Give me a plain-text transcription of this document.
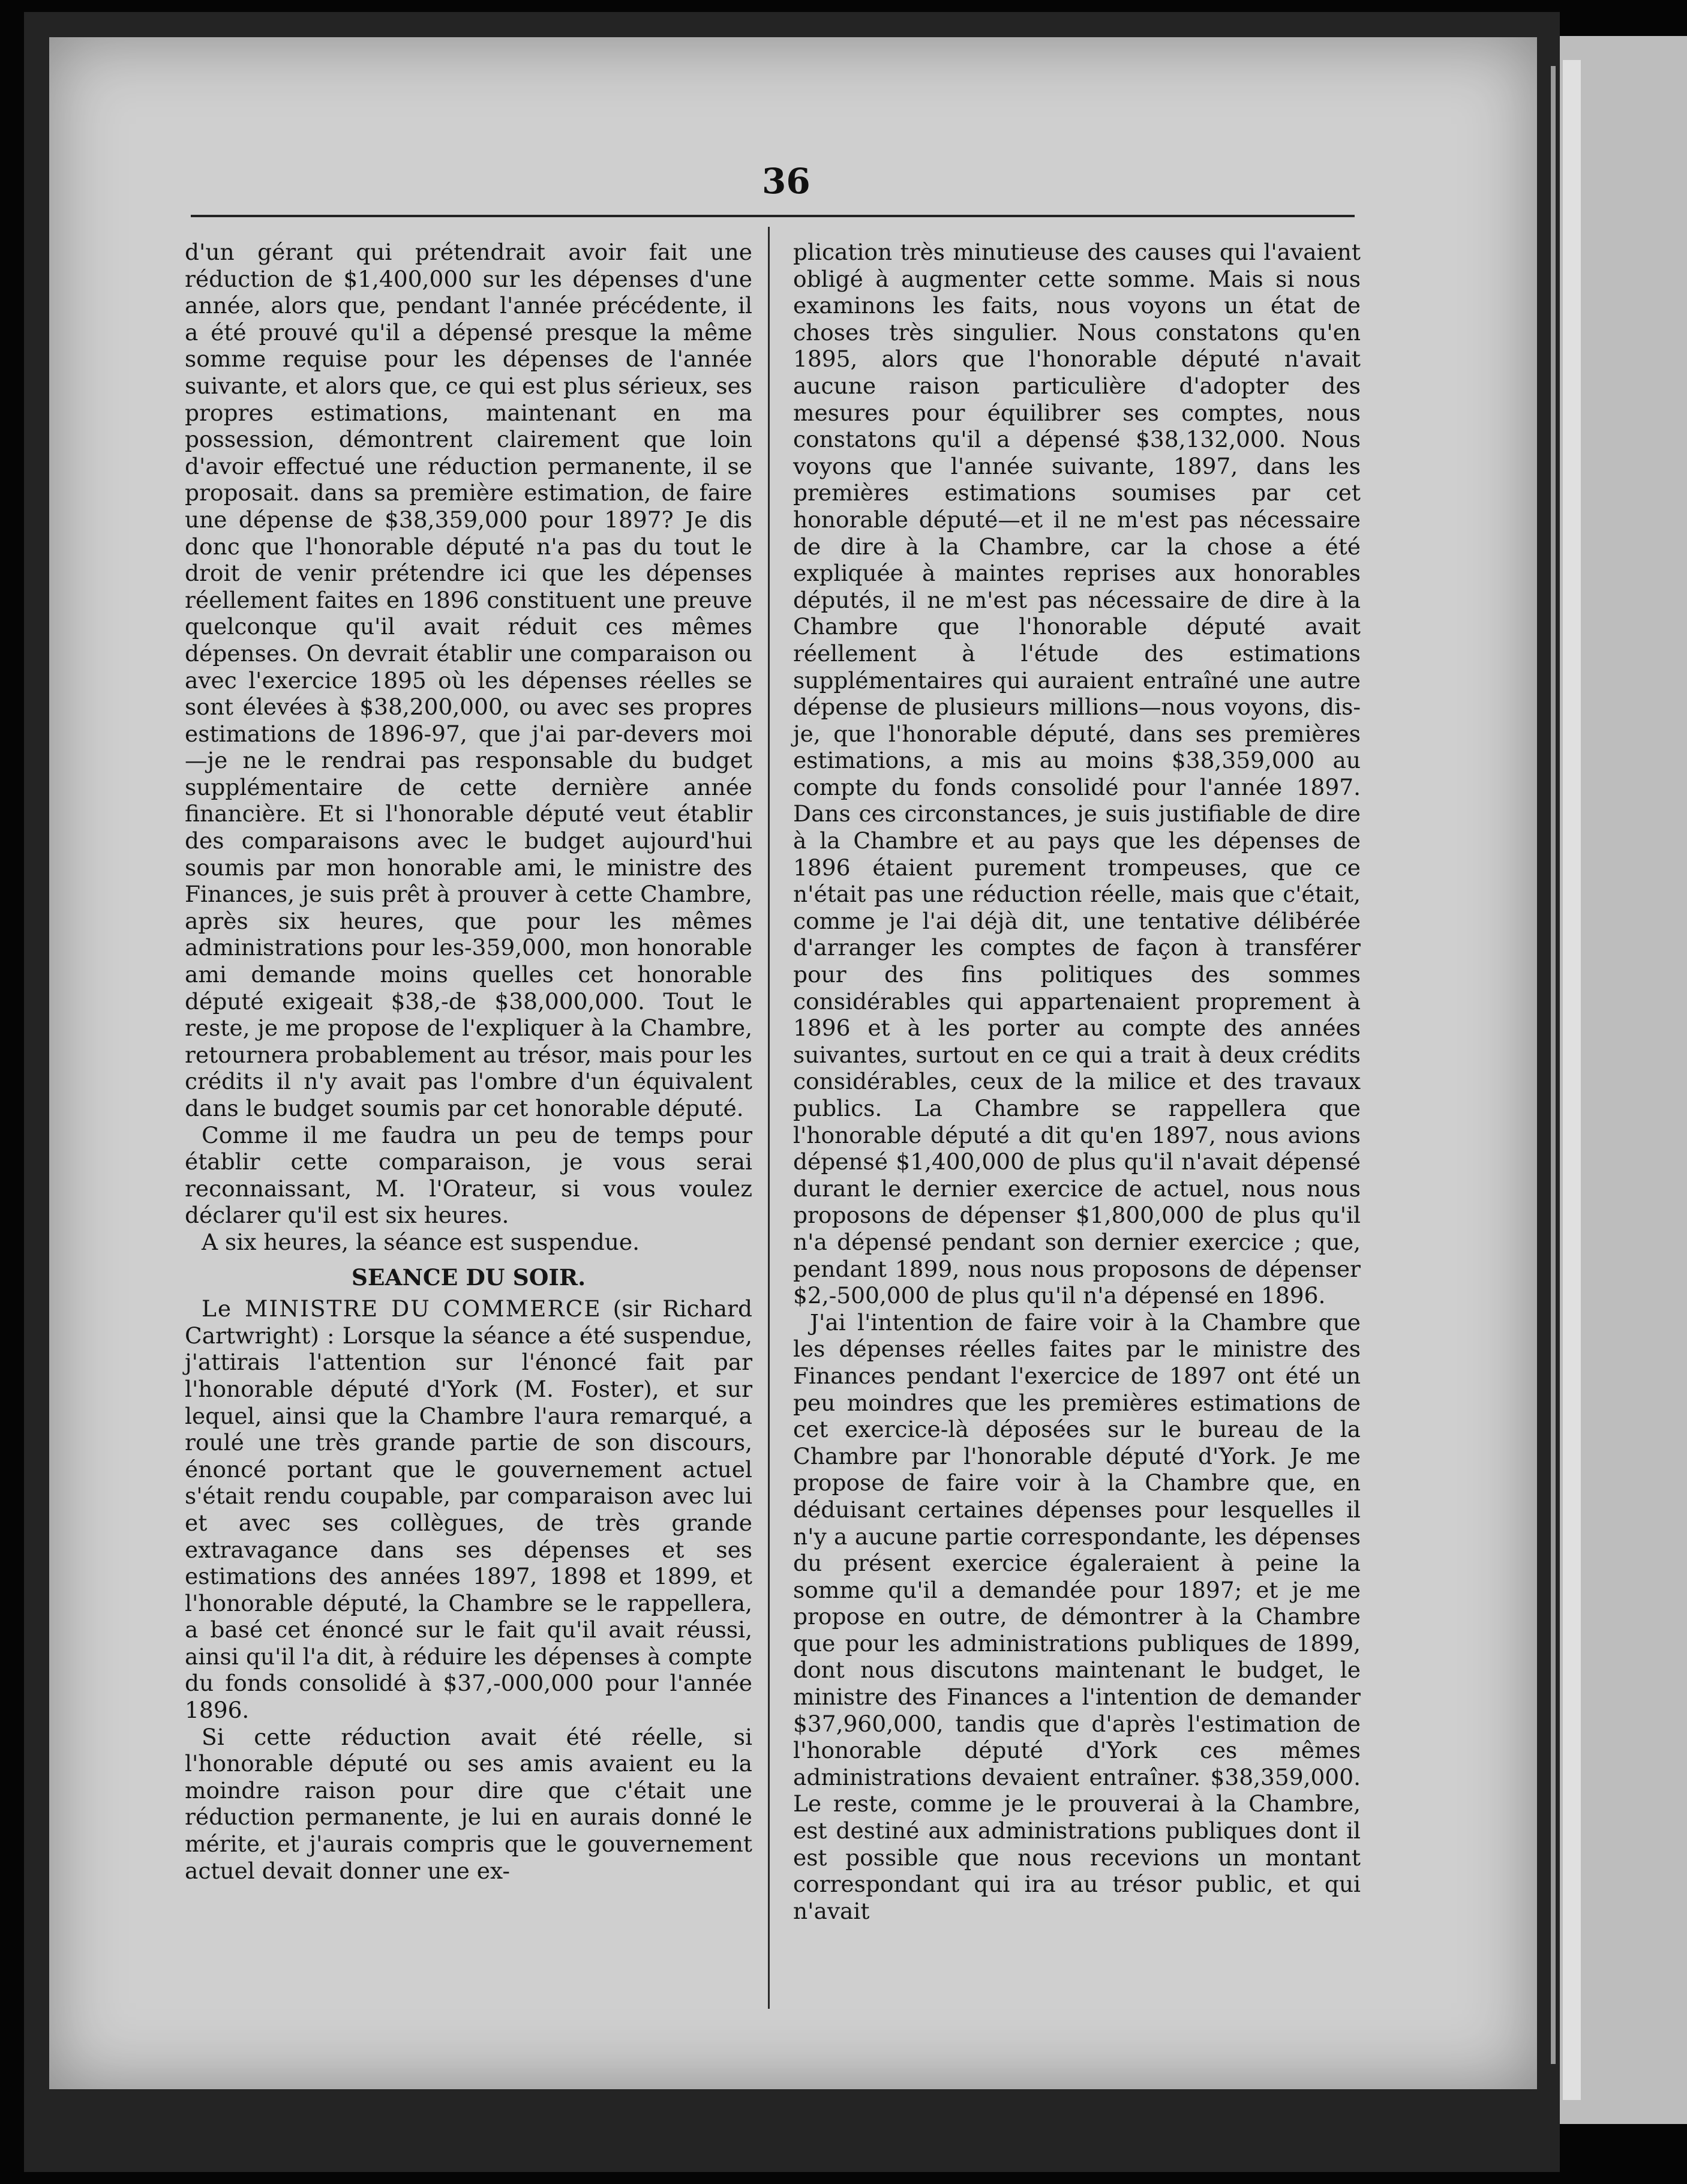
36

d'un gérant qui prétendrait avoir fait une réduction de $1,400,000 sur les dépenses d'une année, alors que, pendant l'année précédente, il a été prouvé qu'il a dépensé presque la même somme requise pour les dépenses de l'année suivante, et alors que, ce qui est plus sérieux, ses propres estimations, maintenant en ma possession, démontrent clairement que loin d'avoir effectué une réduction permanente, il se proposait. dans sa première estimation, de faire une dépense de $38,359,000 pour 1897? Je dis donc que l'honorable député n'a pas du tout le droit de venir prétendre ici que les dépenses réellement faites en 1896 constituent une preuve quelconque qu'il avait réduit ces mêmes dépenses. On devrait établir une comparaison ou avec l'exercice 1895 où les dépenses réelles se sont élevées à $38,200,000, ou avec ses propres estimations de 1896-97, que j'ai par-devers moi —je ne le rendrai pas responsable du budget supplémentaire de cette dernière année financière. Et si l'honorable député veut établir des comparaisons avec le budget aujourd'hui soumis par mon honorable ami, le ministre des Finances, je suis prêt à prouver à cette Chambre, après six heures, que pour les mêmes administrations pour les-359,000, mon honorable ami demande moins quelles cet honorable député exigeait $38,-de $38,000,000. Tout le reste, je me propose de l'expliquer à la Chambre, retournera probablement au trésor, mais pour les crédits il n'y avait pas l'ombre d'un équivalent dans le budget soumis par cet honorable député.

Comme il me faudra un peu de temps pour établir cette comparaison, je vous serai reconnaissant, M. l'Orateur, si vous voulez déclarer qu'il est six heures.

A six heures, la séance est suspendue.

SEANCE DU SOIR.

Le MINISTRE DU COMMERCE (sir Richard Cartwright) : Lorsque la séance a été suspendue, j'attirais l'attention sur l'énoncé fait par l'honorable député d'York (M. Foster), et sur lequel, ainsi que la Chambre l'aura remarqué, a roulé une très grande partie de son discours, énoncé portant que le gouvernement actuel s'était rendu coupable, par comparaison avec lui et avec ses collègues, de très grande extravagance dans ses dépenses et ses estimations des années 1897, 1898 et 1899, et l'honorable député, la Chambre se le rappellera, a basé cet énoncé sur le fait qu'il avait réussi, ainsi qu'il l'a dit, à réduire les dépenses à compte du fonds consolidé à $37,-000,000 pour l'année 1896.

Si cette réduction avait été réelle, si l'honorable député ou ses amis avaient eu la moindre raison pour dire que c'était une réduction permanente, je lui en aurais donné le mérite, et j'aurais compris que le gouvernement actuel devait donner une ex-

plication très minutieuse des causes qui l'avaient obligé à augmenter cette somme. Mais si nous examinons les faits, nous voyons un état de choses très singulier. Nous constatons qu'en 1895, alors que l'honorable député n'avait aucune raison particulière d'adopter des mesures pour équilibrer ses comptes, nous constatons qu'il a dépensé $38,132,000. Nous voyons que l'année suivante, 1897, dans les premières estimations soumises par cet honorable député—et il ne m'est pas nécessaire de dire à la Chambre, car la chose a été expliquée à maintes reprises aux honorables députés, il ne m'est pas nécessaire de dire à la Chambre que l'honorable député avait réellement à l'étude des estimations supplémentaires qui auraient entraîné une autre dépense de plusieurs millions—nous voyons, dis-je, que l'honorable député, dans ses premières estimations, a mis au moins $38,359,000 au compte du fonds consolidé pour l'année 1897. Dans ces circonstances, je suis justifiable de dire à la Chambre et au pays que les dépenses de 1896 étaient purement trompeuses, que ce n'était pas une réduction réelle, mais que c'était, comme je l'ai déjà dit, une tentative délibérée d'arranger les comptes de façon à transférer pour des fins politiques des sommes considérables qui appartenaient proprement à 1896 et à les porter au compte des années suivantes, surtout en ce qui a trait à deux crédits considérables, ceux de la milice et des travaux publics. La Chambre se rappellera que l'honorable député a dit qu'en 1897, nous avions dépensé $1,400,000 de plus qu'il n'avait dépensé durant le dernier exercice de actuel, nous nous proposons de dépenser $1,800,000 de plus qu'il n'a dépensé pendant son dernier exercice ; que, pendant 1899, nous nous proposons de dépenser $2,-500,000 de plus qu'il n'a dépensé en 1896.

J'ai l'intention de faire voir à la Chambre que les dépenses réelles faites par le ministre des Finances pendant l'exercice de 1897 ont été un peu moindres que les premières estimations de cet exercice-là déposées sur le bureau de la Chambre par l'honorable député d'York. Je me propose de faire voir à la Chambre que, en déduisant certaines dépenses pour lesquelles il n'y a aucune partie correspondante, les dépenses du présent exercice égaleraient à peine la somme qu'il a demandée pour 1897; et je me propose en outre, de démontrer à la Chambre que pour les administrations publiques de 1899, dont nous discutons maintenant le budget, le ministre des Finances a l'intention de demander $37,960,000, tandis que d'après l'estimation de l'honorable député d'York ces mêmes administrations devaient entraîner. $38,359,000. Le reste, comme je le prouverai à la Chambre, est destiné aux administrations publiques dont il est possible que nous recevions un montant correspondant qui ira au trésor public, et qui n'avait
